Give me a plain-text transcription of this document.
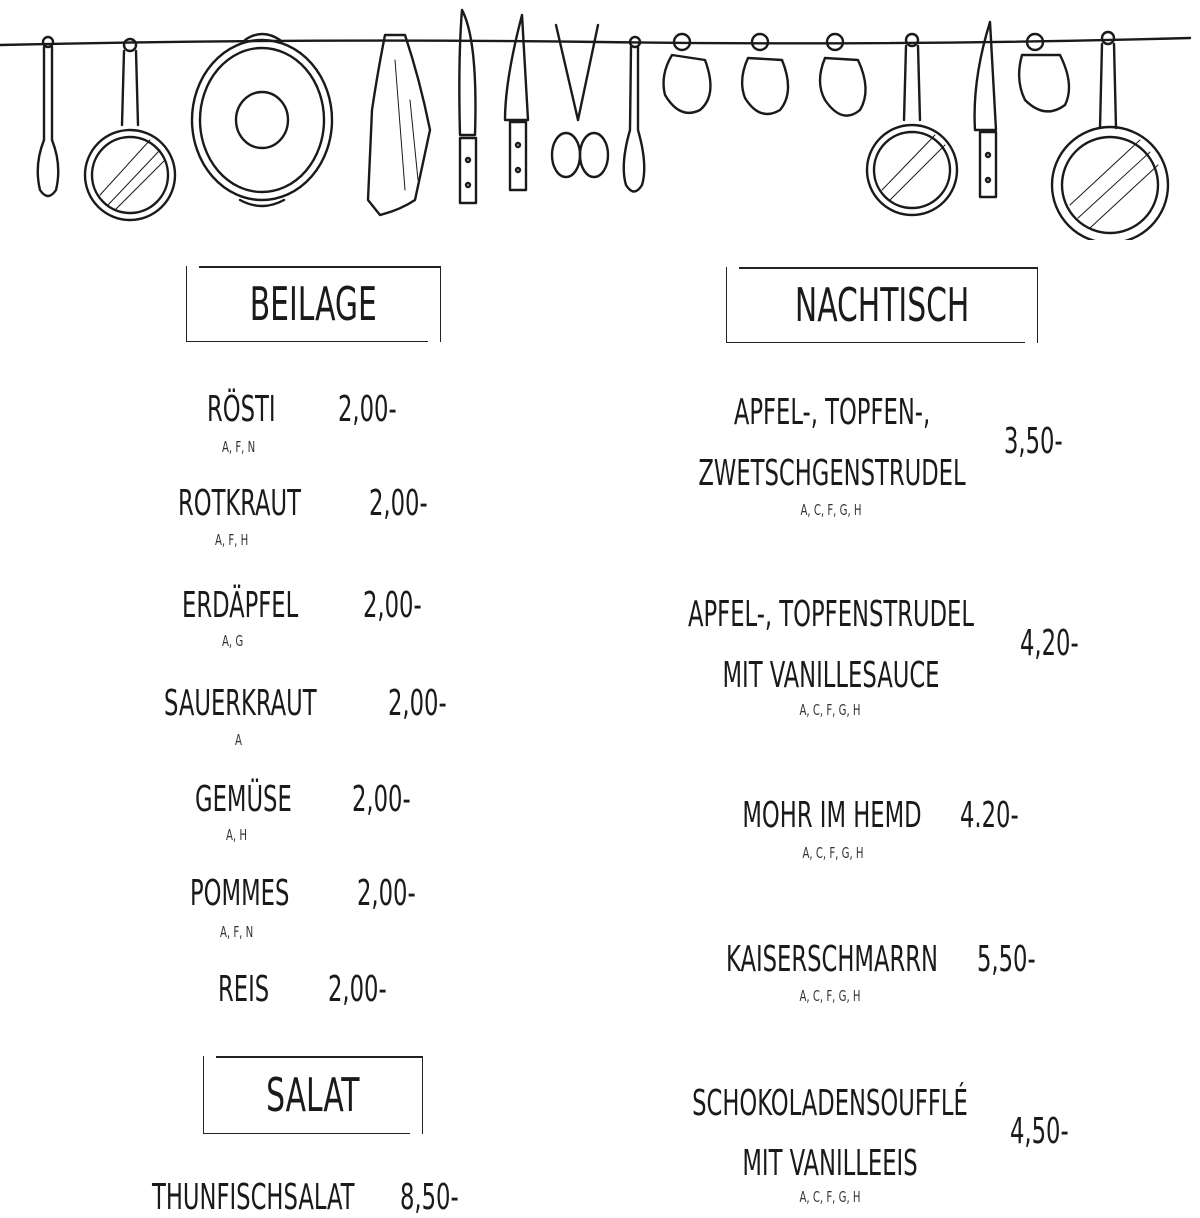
BEILAGE
RÖSTI 2,00-
A, F, N
ROTKRAUT 2,00-
A, F, H
ERDÄPFEL 2,00-
A, G
SAUERKRAUT 2,00-
A
GEMÜSE 2,00-
A, H
POMMES 2,00-
A, F, N
REIS 2,00-
SALAT
THUNFISCHSALAT 8,50-
NACHTISCH
APFEL-, TOPFEN-,
ZWETSCHGENSTRUDEL
3,50-
A, C, F, G, H
APFEL-, TOPFENSTRUDEL
MIT VANILLESAUCE
4,20-
A, C, F, G, H
MOHR IM HEMD	4.20-
A, C, F, G, H
KAISERSCHMARRN	5,50-
A, C, F, G, H
SCHOKOLADENSOUFFLÉ
MIT VANILLEEIS
4,50-
A, C, F, G, H
